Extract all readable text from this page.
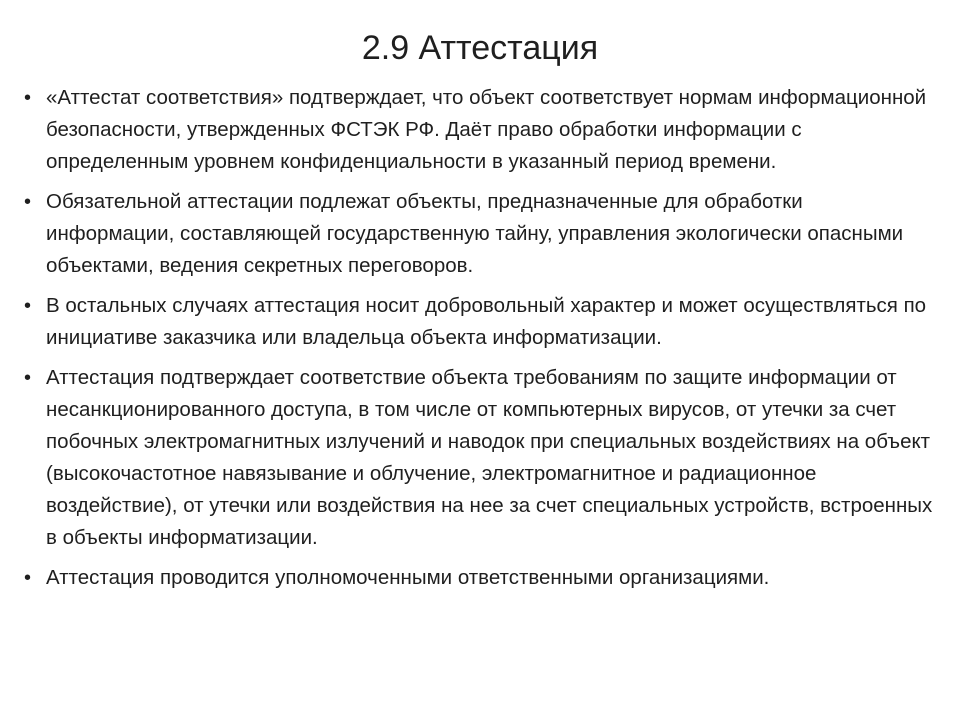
2.9 Аттестация
• «Аттестат соответствия» подтверждает, что объект соответствует нормам информационной безопасности, утвержденных ФСТЭК РФ. Даёт право обработки информации с определенным уровнем конфиденциальности в указанный период времени.
• Обязательной аттестации подлежат объекты, предназначенные для обработки информации, составляющей государственную тайну, управления экологически опасными объектами, ведения секретных переговоров.
• В остальных случаях аттестация носит добровольный характер и может осуществляться по инициативе заказчика или владельца объекта информатизации.
• Аттестация подтверждает соответствие объекта требованиям по защите информации от несанкционированного доступа, в том числе от компьютерных вирусов, от утечки за счет побочных электромагнитных излучений и наводок при специальных воздействиях на объект (высокочастотное навязывание и облучение, электромагнитное и радиационное воздействие), от утечки или воздействия на нее за счет специальных устройств, встроенных в объекты информатизации.
• Аттестация проводится уполномоченными ответственными организациями.
